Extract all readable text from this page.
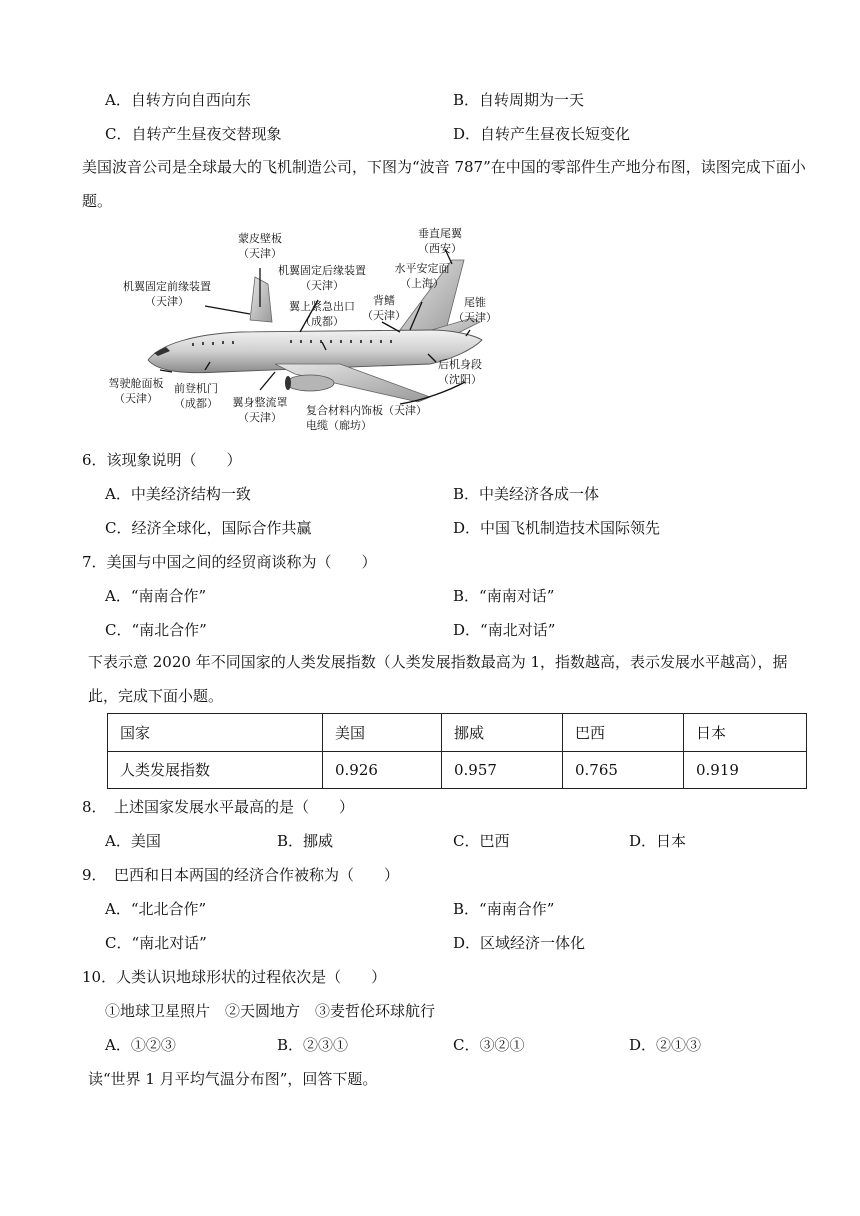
A．自转方向自西向东	B．自转周期为一天
C．自转产生昼夜交替现象	D．自转产生昼夜长短变化
美国波音公司是全球最大的飞机制造公司，下图为“波音 787”在中国的零部件生产地分布图，读图完成下面小题。
蒙皮壁板
（天津）
垂直尾翼
（西安）
水平安定面
（上海）
机翼固定前缘装置
（天津）
机翼固定后缘装置
（天津）
翼上紧急出口
（成都）
背鳍
（天津）
尾锥
（天津）
后机身段
（沈阳）
驾驶舱面板
（天津）
前登机门
（成都） 翼身整流罩
（天津）
复合材料内饰板（天津）
电缆（廊坊）
6．该现象说明（　　）
A．中美经济结构一致	B．中美经济各成一体
C．经济全球化，国际合作共赢	D．中国飞机制造技术国际领先
7．美国与中国之间的经贸商谈称为（　　）
A．“南南合作”	B．“南南对话”
C．“南北合作”	D．“南北对话”
下表示意 2020 年不同国家的人类发展指数（人类发展指数最高为 1，指数越高，表示发展水平越高），据此，完成下面小题。
国家	美国	挪威	巴西	日本
人类发展指数	0.926	0.957	0.765	0.919
8．　上述国家发展水平最高的是（　　）
A．美国	B．挪威	C．巴西	D．日本
9．　巴西和日本两国的经济合作被称为（　　）
A．“北北合作”	B．“南南合作”
C．“南北对话”	D．区域经济一体化
10．人类认识地球形状的过程依次是（　　）
①地球卫星照片　②天圆地方　③麦哲伦环球航行
A．①②③	B．②③①	C．③②①	D．②①③
读“世界 1 月平均气温分布图”，回答下题。
